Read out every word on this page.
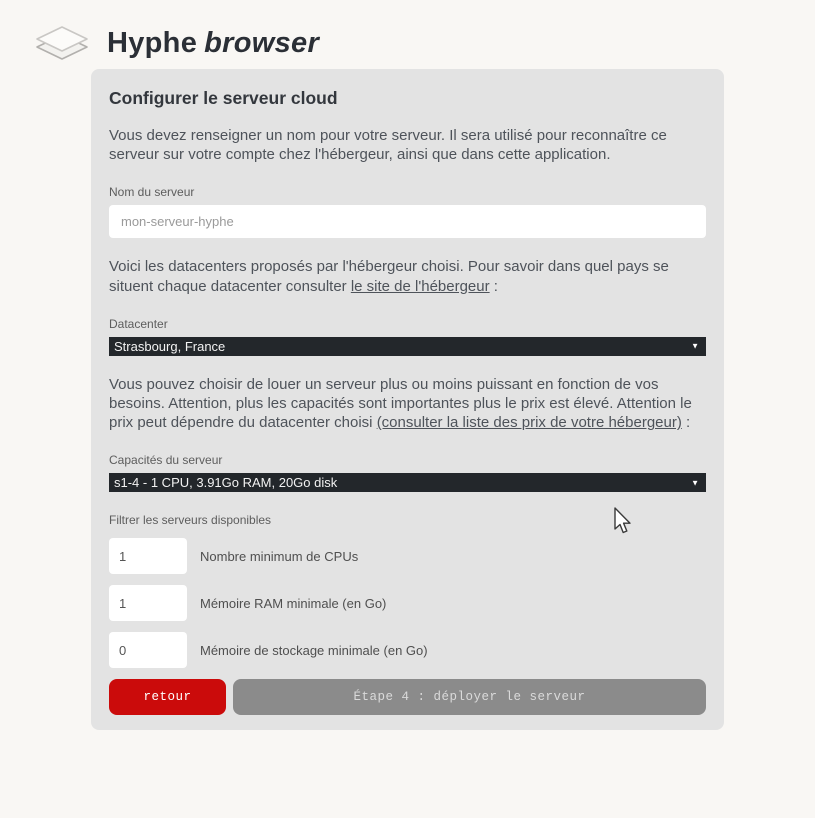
Hyphe browser
Configurer le serveur cloud

Vous devez renseigner un nom pour votre serveur. Il sera utilisé pour reconnaître ce serveur sur votre compte chez l'hébergeur, ainsi que dans cette application.

Nom du serveur
mon-serveur-hyphe

Voici les datacenters proposés par l'hébergeur choisi. Pour savoir dans quel pays se situent chaque datacenter consulter le site de l'hébergeur :

Datacenter
Strasbourg, France	▼

Vous pouvez choisir de louer un serveur plus ou moins puissant en fonction de vos besoins. Attention, plus les capacités sont importantes plus le prix est élevé. Attention le prix peut dépendre du datacenter choisi (consulter la liste des prix de votre hébergeur) :

Capacités du serveur
s1-4 - 1 CPU, 3.91Go RAM, 20Go disk	▼
Filtrer les serveurs disponibles
1
Nombre minimum de CPUs
1
Mémoire RAM minimale (en Go)
0
Mémoire de stockage minimale (en Go)
retour	Étape 4 : déployer le serveur
